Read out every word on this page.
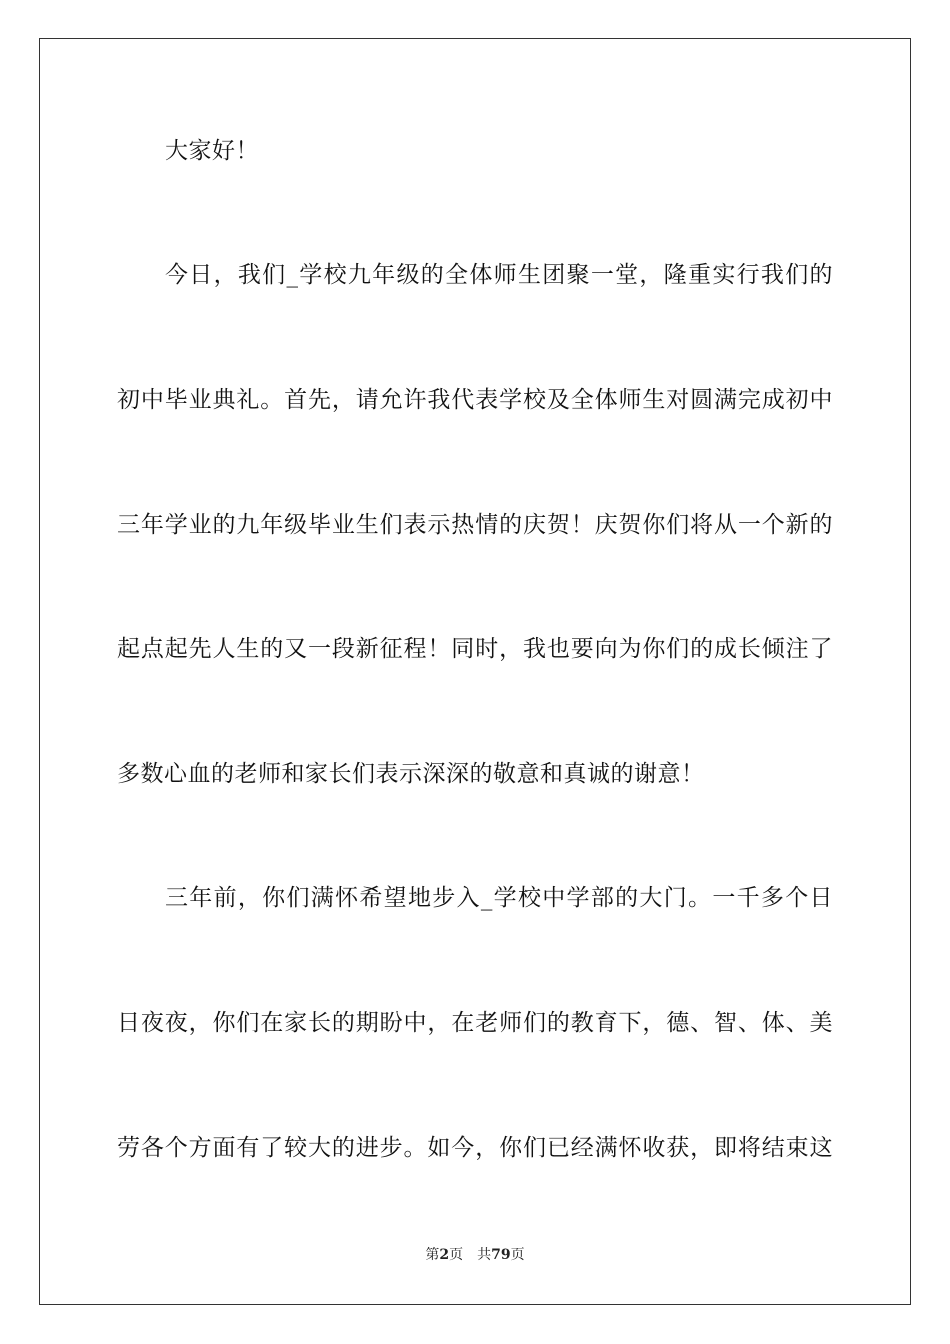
大家好！
今日，我们_学校九年级的全体师生团聚一堂，隆重实行我们的
初中毕业典礼。首先，请允许我代表学校及全体师生对圆满完成初中
三年学业的九年级毕业生们表示热情的庆贺！庆贺你们将从一个新的
起点起先人生的又一段新征程！同时，我也要向为你们的成长倾注了
多数心血的老师和家长们表示深深的敬意和真诚的谢意！
三年前，你们满怀希望地步入_学校中学部的大门。一千多个日
日夜夜，你们在家长的期盼中，在老师们的教育下，德、智、体、美
劳各个方面有了较大的进步。如今，你们已经满怀收获，即将结束这
第2页 共79页
